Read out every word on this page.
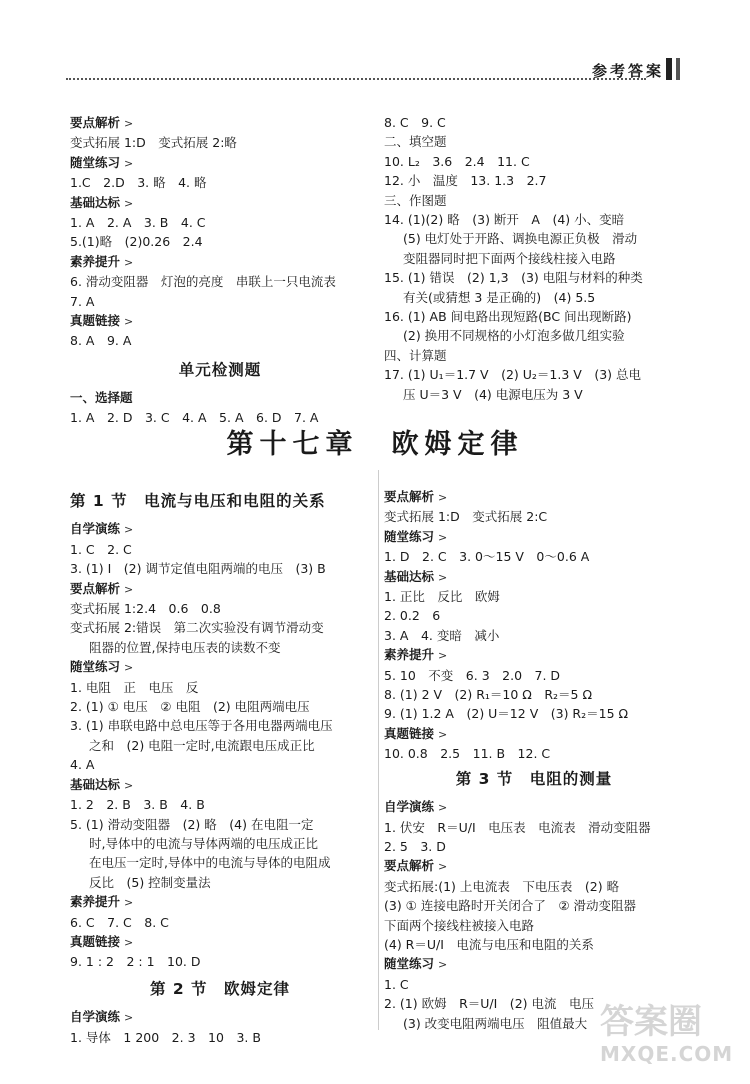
参考答案
要点解析 >
变式拓展 1:D　变式拓展 2:略
随堂练习 >
1.C　2.D　3. 略　4. 略
基础达标 >
1. A　2. A　3. B　4. C
5.(1)略　(2)0.26　2.4
素养提升 >
6. 滑动变阻器　灯泡的亮度　串联上一只电流表
7. A
真题链接 >
8. A　9. A
单元检测题
一、选择题
1. A　2. D　3. C　4. A　5. A　6. D　7. A
8. C　9. C
二、填空题
10. L₂　3.6　2.4　11. C
12. 小　温度　13. 1.3　2.7
三、作图题
14. (1)(2) 略　(3) 断开　A　(4) 小、变暗
(5) 电灯处于开路、调换电源正负极　滑动
变阻器同时把下面两个接线柱接入电路
15. (1) 错误　(2) 1,3　(3) 电阻与材料的种类
有关(或猜想 3 是正确的)　(4) 5.5
16. (1) AB 间电路出现短路(BC 间出现断路)
(2) 换用不同规格的小灯泡多做几组实验
四、计算题
17. (1) U₁＝1.7 V　(2) U₂＝1.3 V　(3) 总电
压 U＝3 V　(4) 电源电压为 3 V
第十七章　欧姆定律
第 1 节　电流与电压和电阻的关系
自学演练 >
1. C　2. C
3. (1) I　(2) 调节定值电阻两端的电压　(3) B
要点解析 >
变式拓展 1:2.4　0.6　0.8
变式拓展 2:错误　第二次实验没有调节滑动变
阻器的位置,保持电压表的读数不变
随堂练习 >
1. 电阻　正　电压　反
2. (1) ① 电压　② 电阻　(2) 电阻两端电压
3. (1) 串联电路中总电压等于各用电器两端电压
之和　(2) 电阻一定时,电流跟电压成正比
4. A
基础达标 >
1. 2　2. B　3. B　4. B
5. (1) 滑动变阻器　(2) 略　(4) 在电阻一定
时,导体中的电流与导体两端的电压成正比
在电压一定时,导体中的电流与导体的电阻成
反比　(5) 控制变量法
素养提升 >
6. C　7. C　8. C
真题链接 >
9. 1 : 2　2 : 1　10. D
第 2 节　欧姆定律
自学演练 >
1. 导体　1 200　2. 3　10　3. B
要点解析 >
变式拓展 1:D　变式拓展 2:C
随堂练习 >
1. D　2. C　3. 0～15 V　0～0.6 A
基础达标 >
1. 正比　反比　欧姆
2. 0.2　6
3. A　4. 变暗　减小
素养提升 >
5. 10　不变　6. 3　2.0　7. D
8. (1) 2 V　(2) R₁＝10 Ω　R₂＝5 Ω
9. (1) 1.2 A　(2) U＝12 V　(3) R₂＝15 Ω
真题链接 >
10. 0.8　2.5　11. B　12. C
第 3 节　电阻的测量
自学演练 >
1. 伏安　R＝U/I　电压表　电流表　滑动变阻器
2. 5　3. D
要点解析 >
变式拓展:(1) 上电流表　下电压表　(2) 略
(3) ① 连接电路时开关闭合了　② 滑动变阻器
下面两个接线柱被接入电路
(4) R＝U/I　电流与电压和电阻的关系
随堂练习 >
1. C
2. (1) 欧姆　R＝U/I　(2) 电流　电压
(3) 改变电阻两端电压　阻值最大 答案圈
MXQE.COM
